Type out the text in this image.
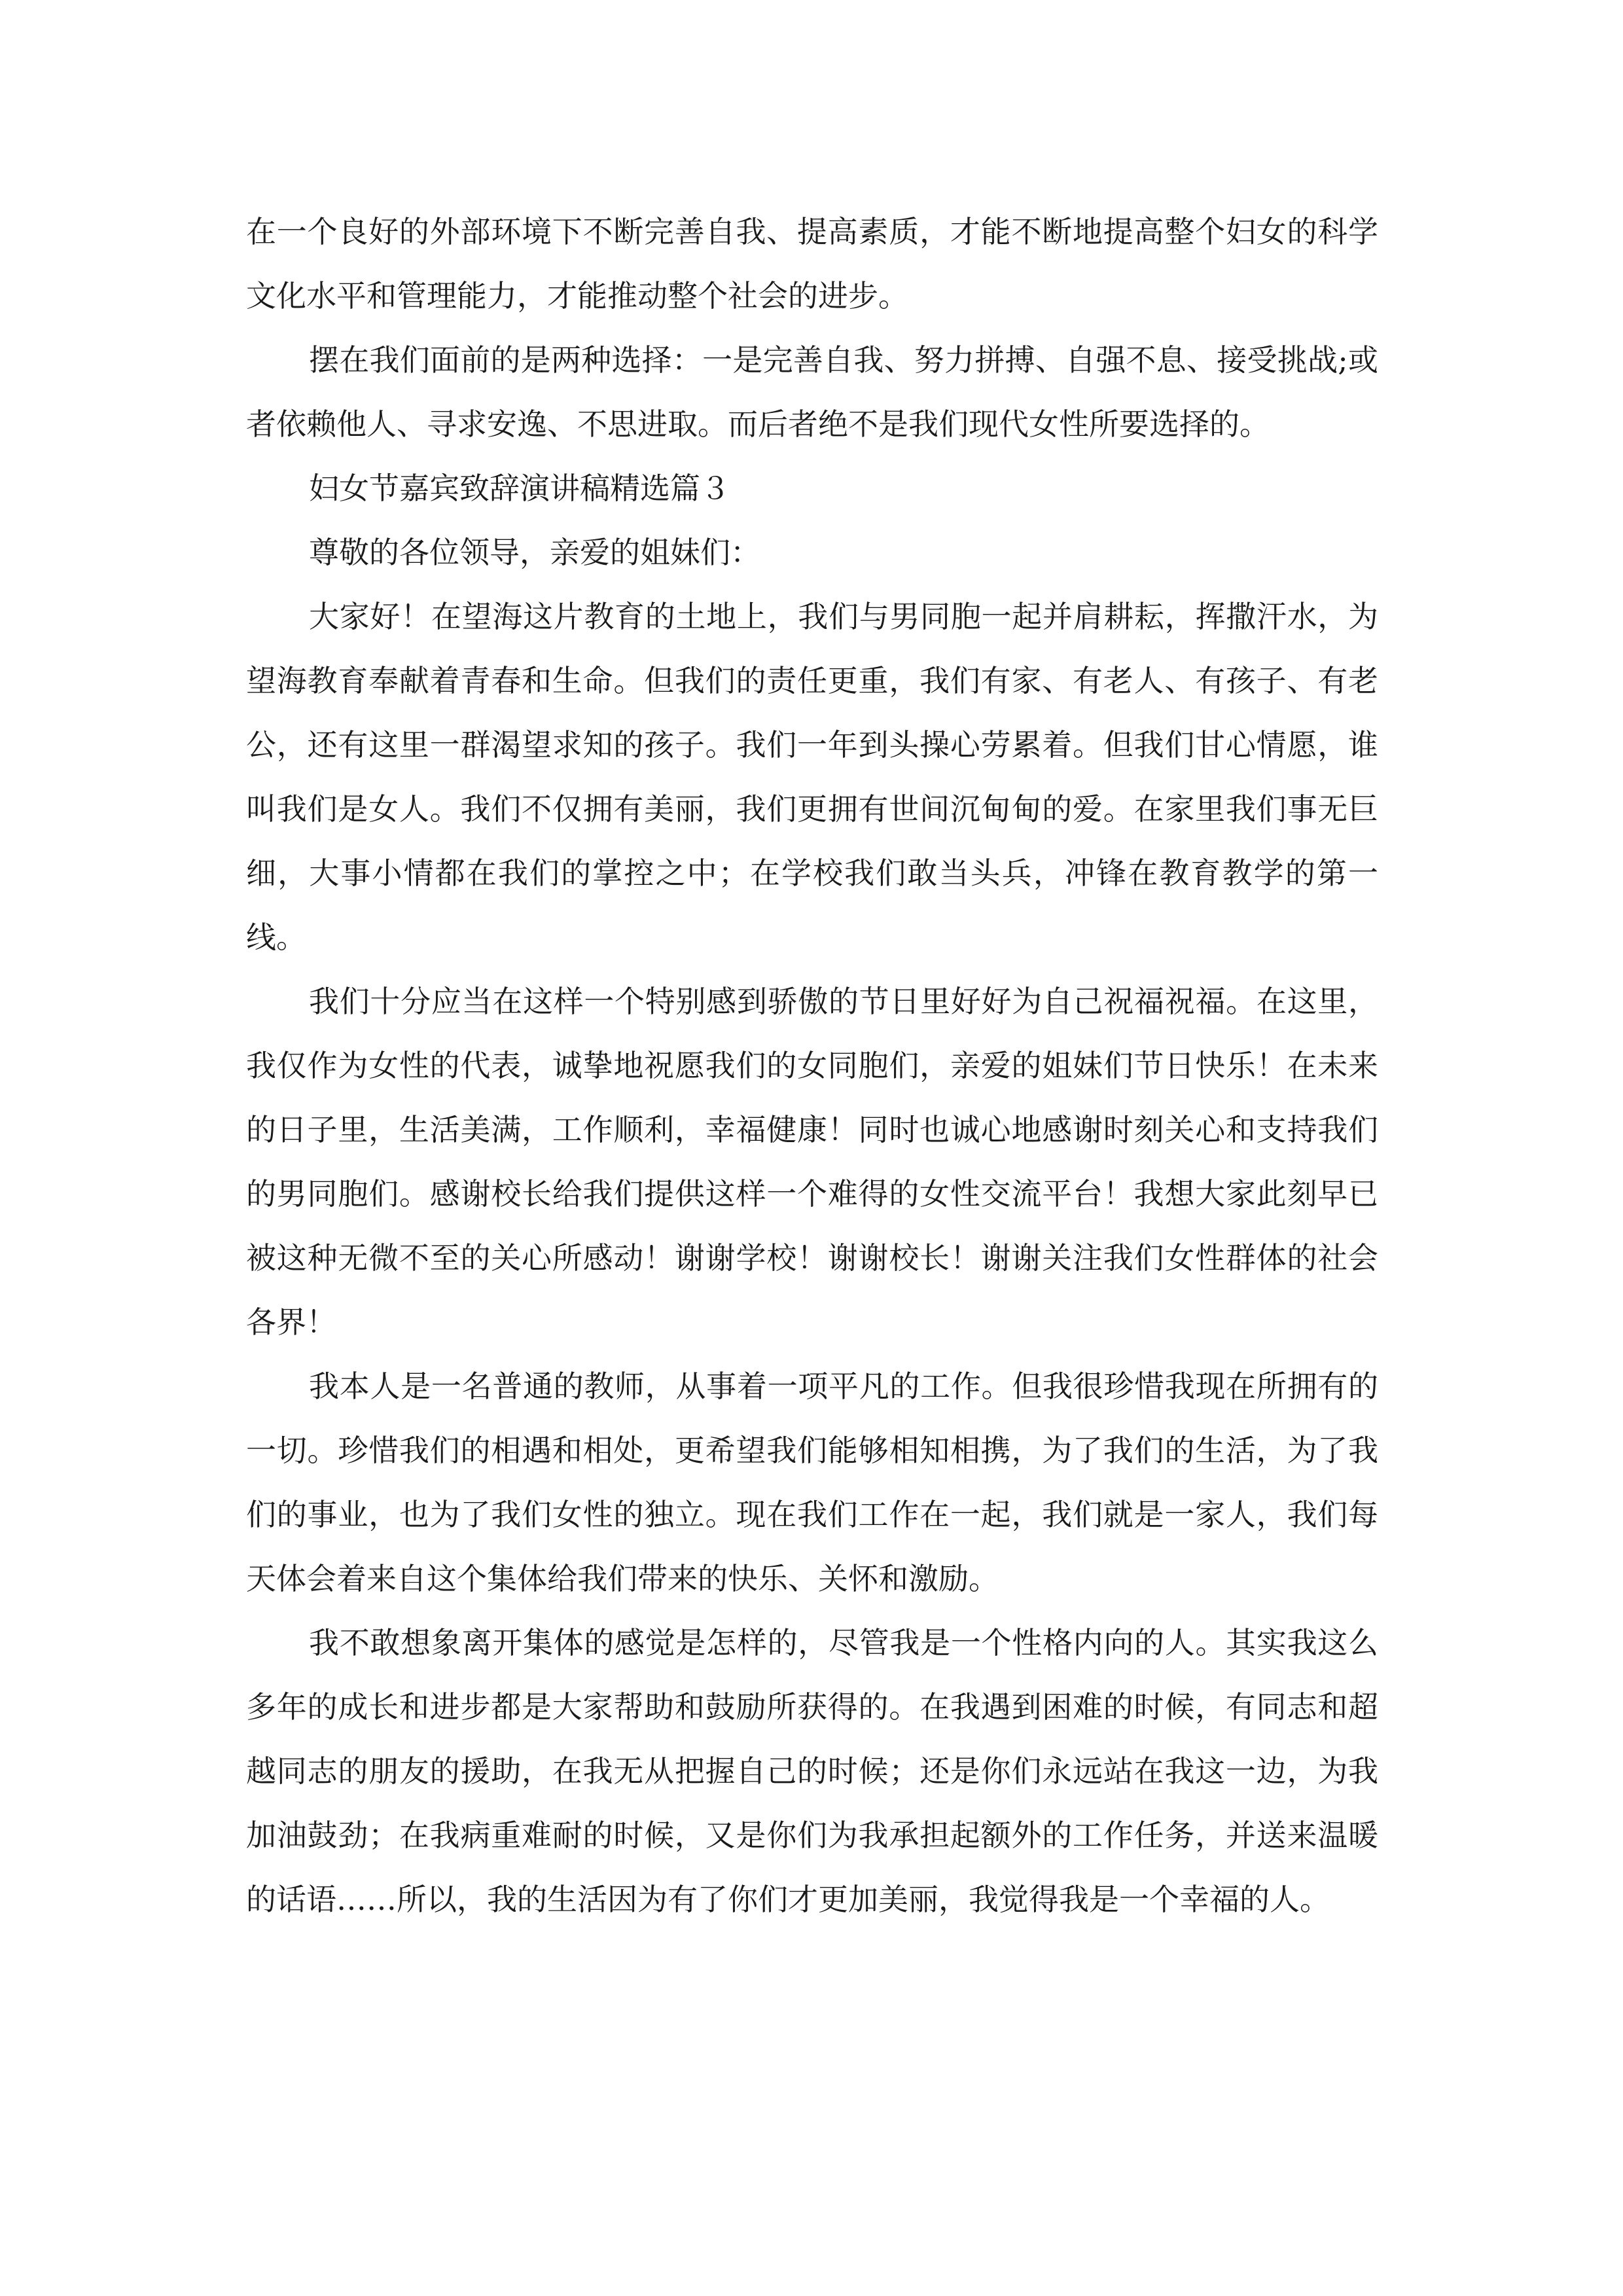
在一个良好的外部环境下不断完善自我、提高素质，才能不断地提高整个妇女的科学文化水平和管理能力，才能推动整个社会的进步。

摆在我们面前的是两种选择：一是完善自我、努力拼搏、自强不息、接受挑战;或者依赖他人、寻求安逸、不思进取。而后者绝不是我们现代女性所要选择的。

妇女节嘉宾致辞演讲稿精选篇３

尊敬的各位领导，亲爱的姐妹们：

大家好！在望海这片教育的土地上，我们与男同胞一起并肩耕耘，挥撒汗水，为望海教育奉献着青春和生命。但我们的责任更重，我们有家、有老人、有孩子、有老公，还有这里一群渴望求知的孩子。我们一年到头操心劳累着。但我们甘心情愿，谁叫我们是女人。我们不仅拥有美丽，我们更拥有世间沉甸甸的爱。在家里我们事无巨细，大事小情都在我们的掌控之中；在学校我们敢当头兵，冲锋在教育教学的第一线。

我们十分应当在这样一个特别感到骄傲的节日里好好为自己祝福祝福。在这里，我仅作为女性的代表，诚挚地祝愿我们的女同胞们，亲爱的姐妹们节日快乐！在未来的日子里，生活美满，工作顺利，幸福健康！同时也诚心地感谢时刻关心和支持我们的男同胞们。感谢校长给我们提供这样一个难得的女性交流平台！我想大家此刻早已被这种无微不至的关心所感动！谢谢学校！谢谢校长！谢谢关注我们女性群体的社会各界！

我本人是一名普通的教师，从事着一项平凡的工作。但我很珍惜我现在所拥有的一切。珍惜我们的相遇和相处，更希望我们能够相知相携，为了我们的生活，为了我们的事业，也为了我们女性的独立。现在我们工作在一起，我们就是一家人，我们每天体会着来自这个集体给我们带来的快乐、关怀和激励。

我不敢想象离开集体的感觉是怎样的，尽管我是一个性格内向的人。其实我这么多年的成长和进步都是大家帮助和鼓励所获得的。在我遇到困难的时候，有同志和超越同志的朋友的援助，在我无从把握自己的时候；还是你们永远站在我这一边，为我加油鼓劲；在我病重难耐的时候，又是你们为我承担起额外的工作任务，并送来温暖的话语……所以，我的生活因为有了你们才更加美丽，我觉得我是一个幸福的人。
